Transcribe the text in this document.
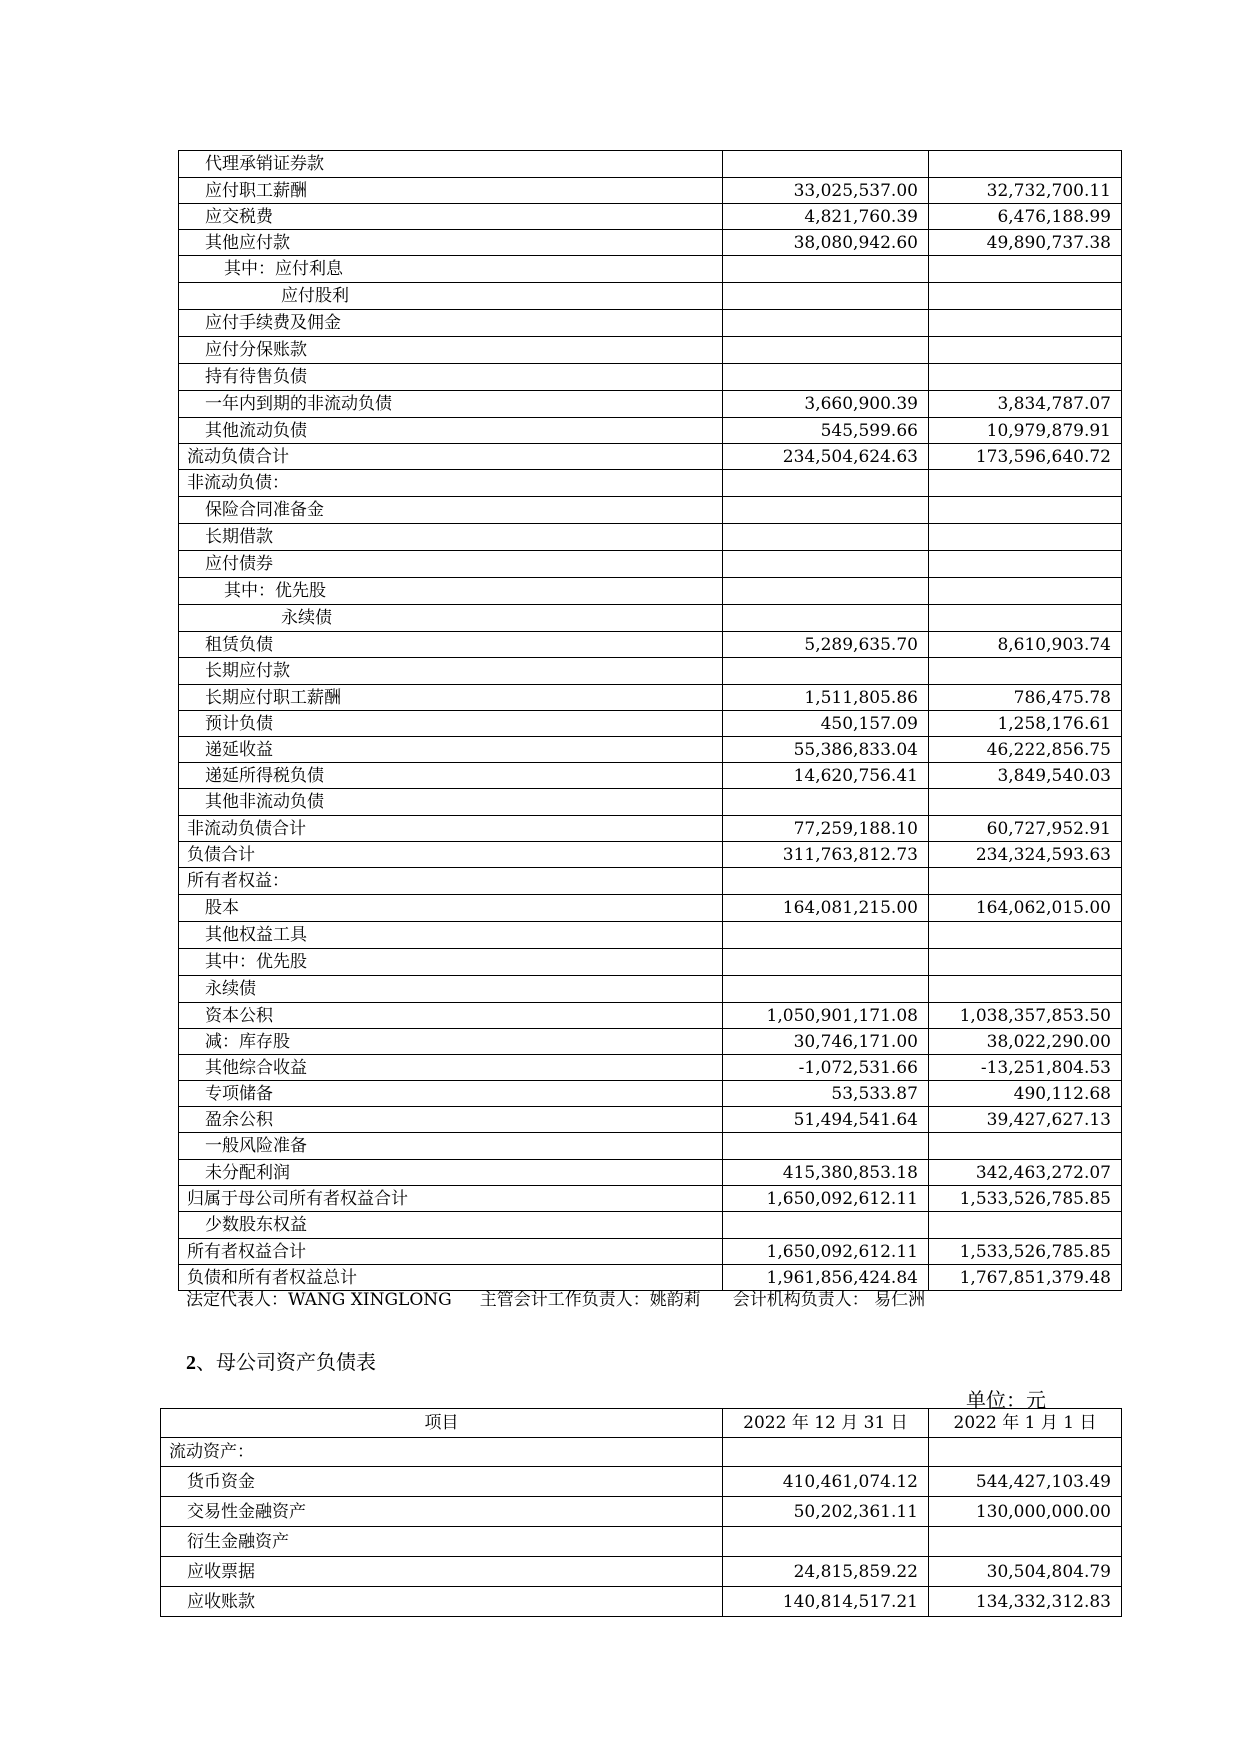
代理承销证券款		
应付职工薪酬	33,025,537.00	32,732,700.11
应交税费	4,821,760.39	6,476,188.99
其他应付款	38,080,942.60	49,890,737.38
其中：应付利息		
应付股利		
应付手续费及佣金		
应付分保账款		
持有待售负债		
一年内到期的非流动负债	3,660,900.39	3,834,787.07
其他流动负债	545,599.66	10,979,879.91
流动负债合计	234,504,624.63	173,596,640.72
非流动负债：		
保险合同准备金		
长期借款		
应付债券		
其中：优先股		
永续债		
租赁负债	5,289,635.70	8,610,903.74
长期应付款		
长期应付职工薪酬	1,511,805.86	786,475.78
预计负债	450,157.09	1,258,176.61
递延收益	55,386,833.04	46,222,856.75
递延所得税负债	14,620,756.41	3,849,540.03
其他非流动负债		
非流动负债合计	77,259,188.10	60,727,952.91
负债合计	311,763,812.73	234,324,593.63
所有者权益：		
股本	164,081,215.00	164,062,015.00
其他权益工具		
其中：优先股		
永续债		
资本公积	1,050,901,171.08	1,038,357,853.50
减：库存股	30,746,171.00	38,022,290.00
其他综合收益	-1,072,531.66	-13,251,804.53
专项储备	53,533.87	490,112.68
盈余公积	51,494,541.64	39,427,627.13
一般风险准备		
未分配利润	415,380,853.18	342,463,272.07
归属于母公司所有者权益合计	1,650,092,612.11	1,533,526,785.85
少数股东权益		
所有者权益合计	1,650,092,612.11	1,533,526,785.85
负债和所有者权益总计	1,961,856,424.84	1,767,851,379.48
法定代表人：WANG XINGLONG 主管会计工作负责人：姚韵莉 会计机构负责人： 易仁洲
2、母公司资产负债表
单位：元
项目	2022 年 12 月 31 日	2022 年 1 月 1 日
流动资产：		
货币资金	410,461,074.12	544,427,103.49
交易性金融资产	50,202,361.11	130,000,000.00
衍生金融资产		
应收票据	24,815,859.22	30,504,804.79
应收账款	140,814,517.21	134,332,312.83
